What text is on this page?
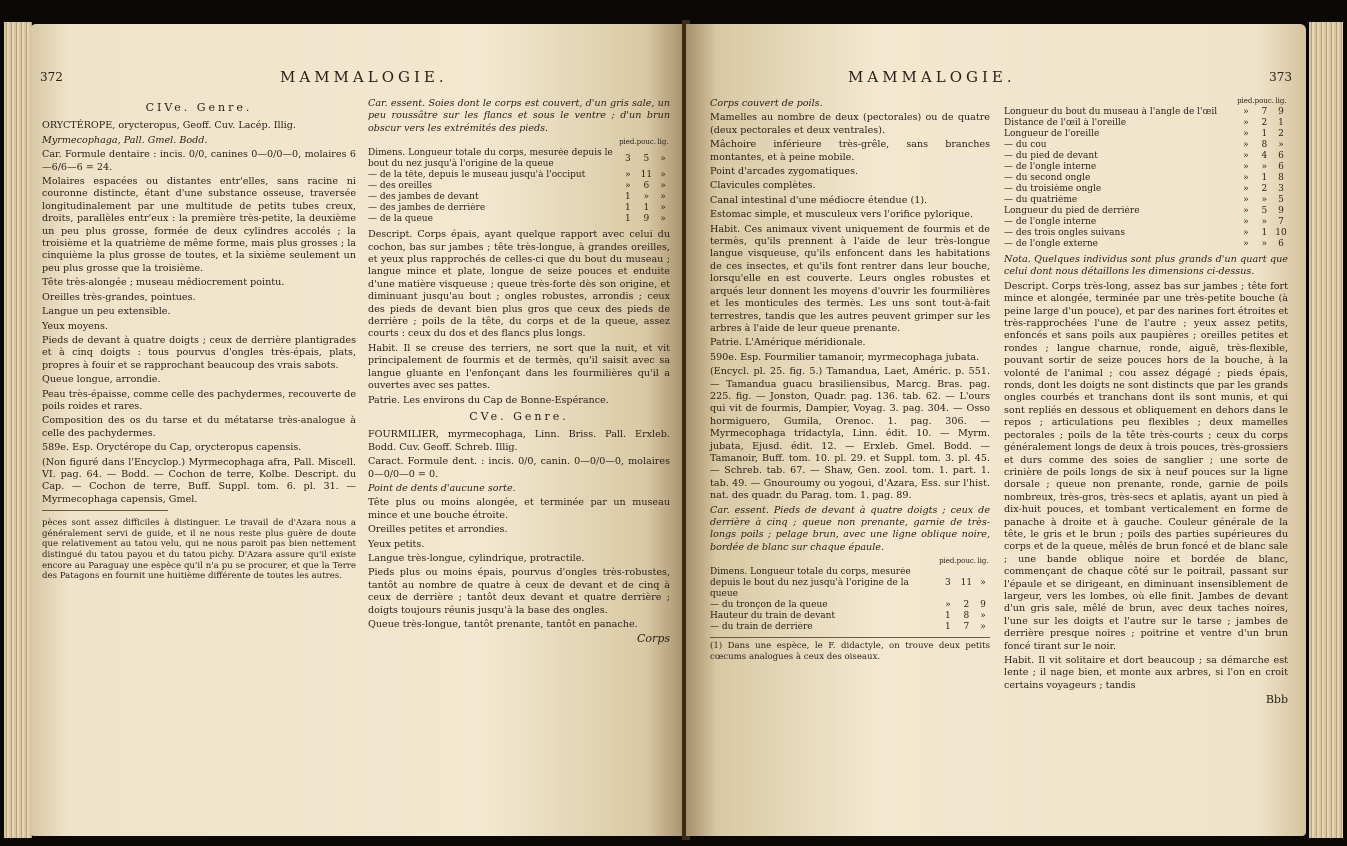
372	MAMMALOGIE.
CIVe. Genre.

ORYCTÉROPE, orycteropus, Geoff. Cuv. Lacép. Illig.

Myrmecophaga, Pall. Gmel. Bodd.

Car. Formule dentaire : incis. 0/0, canines 0—0/0—0, molaires 6—6/6—6 = 24.

Molaires espacées ou distantes entr'elles, sans racine ni couronne distincte, étant d'une substance osseuse, traversée longitudinalement par une multitude de petits tubes creux, droits, parallèles entr'eux : la première très-petite, la deuxième un peu plus grosse, formée de deux cylindres accolés ; la troisième et la quatrième de même forme, mais plus grosses ; la cinquième la plus grosse de toutes, et la sixième seulement un peu plus grosse que la troisième.

Tête très-alongée ; museau médiocrement pointu.

Oreilles très-grandes, pointues.

Langue un peu extensible.

Yeux moyens.

Pieds de devant à quatre doigts ; ceux de derrière plantigrades et à cinq doigts : tous pourvus d'ongles très-épais, plats, propres à fouir et se rapprochant beaucoup des vrais sabots.

Queue longue, arrondie.

Peau très-épaisse, comme celle des pachydermes, recouverte de poils roides et rares.

Composition des os du tarse et du métatarse très-analogue à celle des pachydermes.

589e. Esp. Oryctérope du Cap, orycteropus capensis.

(Non figuré dans l'Encyclop.) Myrmecophaga afra, Pall. Miscell. VI. pag. 64. — Bodd. — Cochon de terre, Kolbe. Descript. du Cap. — Cochon de terre, Buff. Suppl. tom. 6. pl. 31. — Myrmecophaga capensis, Gmel.

pèces sont assez difficiles à distinguer. Le travail de d'Azara nous a généralement servi de guide, et il ne nous reste plus guère de doute que relativement au tatou velu, qui ne nous paroit pas bien nettement distingué du tatou payou et du tatou pichy. D'Azara assure qu'il existe encore au Paraguay une espèce qu'il n'a pu se procurer, et que la Terre des Patagons en fournit une huitième différente de toutes les autres.

Car. essent. Soies dont le corps est couvert, d'un gris sale, un peu roussâtre sur les flancs et sous le ventre ; d'un brun obscur vers les extrémités des pieds.

	pied.	pouc.	lig.
Dimens. Longueur totale du corps, mesurée depuis le bout du nez jusqu'à l'origine de la queue	3	5	»
— de la tête, depuis le museau jusqu'à l'occiput	»	11	»
— des oreilles	»	6	»
— des jambes de devant	1	»	»
— des jambes de derrière	1	1	»
— de la queue	1	9	»

Descript. Corps épais, ayant quelque rapport avec celui du cochon, bas sur jambes ; tête très-longue, à grandes oreilles, et yeux plus rapprochés de celles-ci que du bout du museau ; langue mince et plate, longue de seize pouces et enduite d'une matière visqueuse ; queue très-forte dès son origine, et diminuant jusqu'au bout ; ongles robustes, arrondis ; ceux des pieds de devant bien plus gros que ceux des pieds de derrière ; poils de la tête, du corps et de la queue, assez courts : ceux du dos et des flancs plus longs.

Habit. Il se creuse des terriers, ne sort que la nuit, et vit principalement de fourmis et de termès, qu'il saisit avec sa langue gluante en l'enfonçant dans les fourmilières qu'il a ouvertes avec ses pattes.

Patrie. Les environs du Cap de Bonne-Espérance.

CVe. Genre.

FOURMILIER, myrmecophaga, Linn. Briss. Pall. Erxleb. Bodd. Cuv. Geoff. Schreb. Illig.

Caract. Formule dent. : incis. 0/0, canin. 0—0/0—0, molaires 0—0/0—0 = 0.

Point de dents d'aucune sorte.

Tête plus ou moins alongée, et terminée par un museau mince et une bouche étroite.

Oreilles petites et arrondies.

Yeux petits.

Langue très-longue, cylindrique, protractile.

Pieds plus ou moins épais, pourvus d'ongles très-robustes, tantôt au nombre de quatre à ceux de devant et de cinq à ceux de derrière ; tantôt deux devant et quatre derrière ; doigts toujours réunis jusqu'à la base des ongles.

Queue très-longue, tantôt prenante, tantôt en panache.

Corps
MAMMALOGIE.	373

Corps couvert de poils.

Mamelles au nombre de deux (pectorales) ou de quatre (deux pectorales et deux ventrales).

Mâchoire inférieure très-grêle, sans branches montantes, et à peine mobile.

Point d'arcades zygomatiques.

Clavicules complètes.

Canal intestinal d'une médiocre étendue (1).

Estomac simple, et musculeux vers l'orifice pylorique.

Habit. Ces animaux vivent uniquement de fourmis et de termès, qu'ils prennent à l'aide de leur très-longue langue visqueuse, qu'ils enfoncent dans les habitations de ces insectes, et qu'ils font rentrer dans leur bouche, lorsqu'elle en est couverte. Leurs ongles robustes et arqués leur donnent les moyens d'ouvrir les fourmilières et les monticules des termès. Les uns sont tout-à-fait terrestres, tandis que les autres peuvent grimper sur les arbres à l'aide de leur queue prenante.

Patrie. L'Amérique méridionale.

590e. Esp. Fourmilier tamanoir, myrmecophaga jubata.

(Encycl. pl. 25. fig. 5.) Tamandua, Laet, Améric. p. 551. — Tamandua guacu brasiliensibus, Marcg. Bras. pag. 225. fig. — Jonston, Quadr. pag. 136. tab. 62. — L'ours qui vit de fourmis, Dampier, Voyag. 3. pag. 304. — Osso hormiguero, Gumila, Orenoc. 1. pag. 306. — Myrmecophaga tridactyla, Linn. édit. 10. — Myrm. jubata, Ejusd. édit. 12. — Erxleb. Gmel. Bodd. — Tamanoir, Buff. tom. 10. pl. 29. et Suppl. tom. 3. pl. 45. — Schreb. tab. 67. — Shaw, Gen. zool. tom. 1. part. 1. tab. 49. — Gnouroumy ou yogoui, d'Azara, Ess. sur l'hist. nat. des quadr. du Parag. tom. 1. pag. 89.

Car. essent. Pieds de devant à quatre doigts ; ceux de derrière à cinq ; queue non prenante, garnie de très-longs poils ; pelage brun, avec une ligne oblique noire, bordée de blanc sur chaque épaule.

	pied.	pouc.	lig.
Dimens. Longueur totale du corps, mesurée depuis le bout du nez jusqu'à l'origine de la queue	3	11	»
— du tronçon de la queue	»	2	9
Hauteur du train de devant	1	8	»
— du train de derrière	1	7	»

(1) Dans une espèce, le F. didactyle, on trouve deux petits cœcums analogues à ceux des oiseaux.

	pied.	pouc.	lig.
Longueur du bout du museau à l'angle de l'œil	»	7	9
Distance de l'œil à l'oreille	»	2	1
Longueur de l'oreille	»	1	2
— du cou	»	8	»
— du pied de devant	»	4	6
— de l'ongle interne	»	»	6
— du second ongle	»	1	8
— du troisième ongle	»	2	3
— du quatrième	»	»	5
Longueur du pied de derrière	»	5	9
— de l'ongle interne	»	»	7
— des trois ongles suivans	»	1	10
— de l'ongle externe	»	»	6

Nota. Quelques individus sont plus grands d'un quart que celui dont nous détaillons les dimensions ci-dessus.

Descript. Corps très-long, assez bas sur jambes ; tête fort mince et alongée, terminée par une très-petite bouche (à peine large d'un pouce), et par des narines fort étroites et très-rapprochées l'une de l'autre ; yeux assez petits, enfoncés et sans poils aux paupières ; oreilles petites et rondes ; langue charnue, ronde, aiguë, très-flexible, pouvant sortir de seize pouces hors de la bouche, à la volonté de l'animal ; cou assez dégagé ; pieds épais, ronds, dont les doigts ne sont distincts que par les grands ongles courbés et tranchans dont ils sont munis, et qui sont repliés en dessous et obliquement en dehors dans le repos ; articulations peu flexibles ; deux mamelles pectorales ; poils de la tête très-courts ; ceux du corps généralement longs de deux à trois pouces, très-grossiers et durs comme des soies de sanglier ; une sorte de crinière de poils longs de six à neuf pouces sur la ligne dorsale ; queue non prenante, ronde, garnie de poils nombreux, très-gros, très-secs et aplatis, ayant un pied à dix-huit pouces, et tombant verticalement en forme de panache à droite et à gauche. Couleur générale de la tête, le gris et le brun ; poils des parties supérieures du corps et de la queue, mêlés de brun foncé et de blanc sale ; une bande oblique noire et bordée de blanc, commençant de chaque côté sur le poitrail, passant sur l'épaule et se dirigeant, en diminuant insensiblement de largeur, vers les lombes, où elle finit. Jambes de devant d'un gris sale, mêlé de brun, avec deux taches noires, l'une sur les doigts et l'autre sur le tarse ; jambes de derrière presque noires ; poitrine et ventre d'un brun foncé tirant sur le noir.

Habit. Il vit solitaire et dort beaucoup ; sa démarche est lente ; il nage bien, et monte aux arbres, si l'on en croit certains voyageurs ; tandis

Bbb
